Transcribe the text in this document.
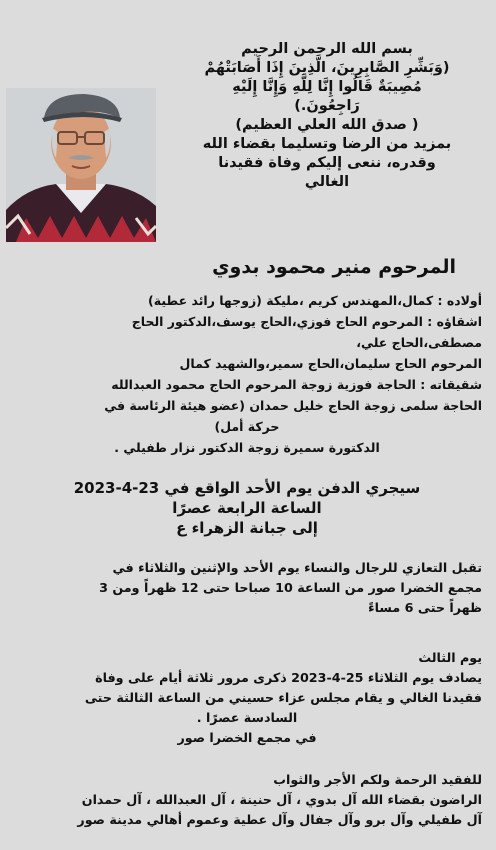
بسم الله الرحمن الرحيم
(وَبَشِّرِ الصَّابِرِينَ، الَّذِينَ إِذَا أَصَابَتْهُمْ
مُصِيبَةٌ قَالُوا إِنَّا لِلَّهِ وَإِنَّا إِلَيْهِ
رَاجِعُونَ.)
( صدق الله العلي العظيم)
بمزيد من الرضا وتسليما بقضاء الله
وقدره، ننعى إليكم وفاة فقيدنا
الغالي
المرحوم منير محمود بدوي
أولاده : كمال،المهندس كريم ،مليكة (زوجها رائد عطية)
اشقاؤه : المرحوم الحاج فوزي،الحاج يوسف،الدكتور الحاج
مصطفى،الحاج علي،
المرحوم الحاج سليمان،الحاج سمير،والشهيد كمال
شقيقاته : الحاجة فوزية زوجة المرحوم الحاج محمود العبدالله
الحاجة سلمى زوجة الحاج خليل حمدان (عضو هيئة الرئاسة في
حركة أمل)
الدكتورة سميرة زوجة الدكتور نزار طفيلي .
سيجري الدفن يوم الأحد الواقع في 23-4-2023
الساعة الرابعة عصرًا
إلى جبانة الزهراء ع
تقبل التعازي للرجال والنساء يوم الأحد والإثنين والثلاثاء في
مجمع الخضرا صور من الساعة 10 صباحا حتى 12 ظهراً ومن 3
ظهراً حتى 6 مساءً
يوم الثالث
يصادف يوم الثلاثاء 25-4-2023 ذكرى مرور ثلاثة أيام على وفاة
فقيدنا الغالي و يقام مجلس عزاء حسيني من الساعة الثالثة حتى
السادسة عصرًا .
في مجمع الخضرا صور
للفقيد الرحمة ولكم الأجر والثواب
الراضون بقضاء الله آل بدوي ، آل حنينة ، آل العبدالله ، آل حمدان
آل طفيلي وآل برو وآل جفال وآل عطية وعموم أهالي مدينة صور
